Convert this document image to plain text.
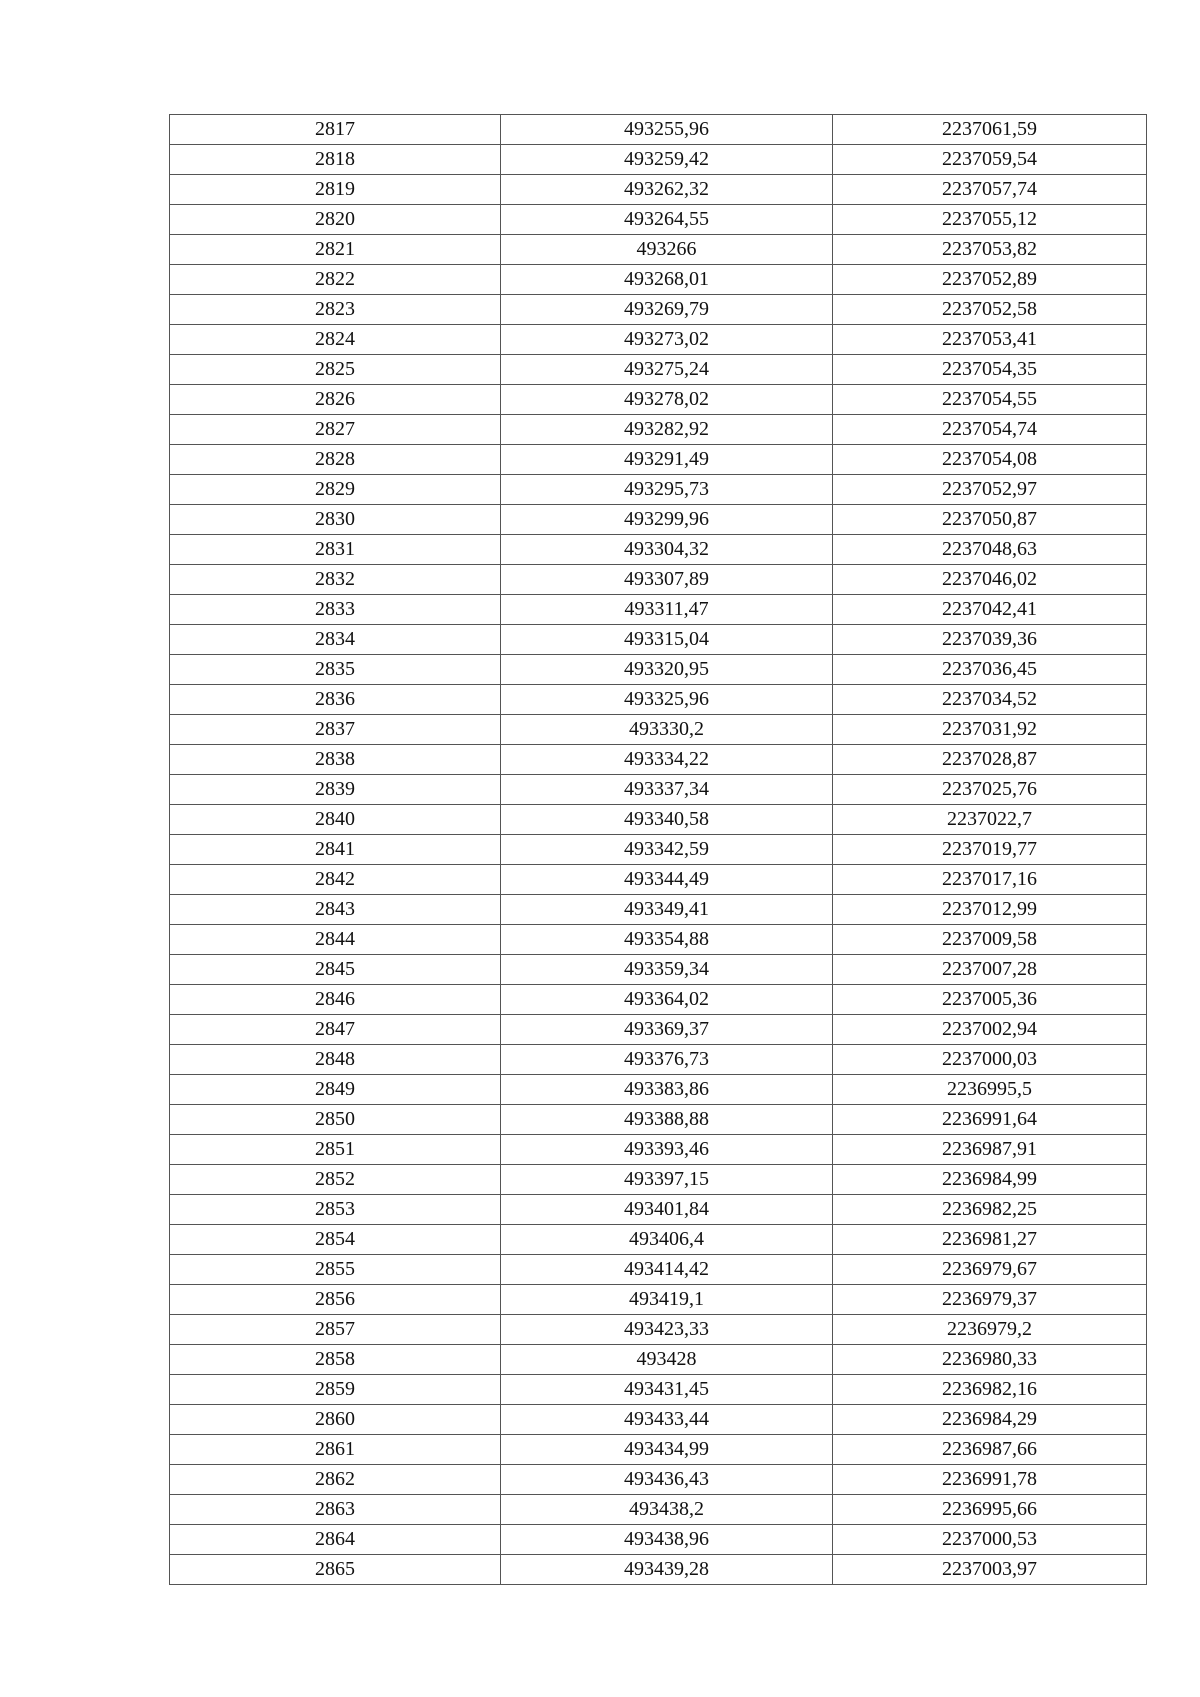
2817	493255,96	2237061,59
2818	493259,42	2237059,54
2819	493262,32	2237057,74
2820	493264,55	2237055,12
2821	493266	2237053,82
2822	493268,01	2237052,89
2823	493269,79	2237052,58
2824	493273,02	2237053,41
2825	493275,24	2237054,35
2826	493278,02	2237054,55
2827	493282,92	2237054,74
2828	493291,49	2237054,08
2829	493295,73	2237052,97
2830	493299,96	2237050,87
2831	493304,32	2237048,63
2832	493307,89	2237046,02
2833	493311,47	2237042,41
2834	493315,04	2237039,36
2835	493320,95	2237036,45
2836	493325,96	2237034,52
2837	493330,2	2237031,92
2838	493334,22	2237028,87
2839	493337,34	2237025,76
2840	493340,58	2237022,7
2841	493342,59	2237019,77
2842	493344,49	2237017,16
2843	493349,41	2237012,99
2844	493354,88	2237009,58
2845	493359,34	2237007,28
2846	493364,02	2237005,36
2847	493369,37	2237002,94
2848	493376,73	2237000,03
2849	493383,86	2236995,5
2850	493388,88	2236991,64
2851	493393,46	2236987,91
2852	493397,15	2236984,99
2853	493401,84	2236982,25
2854	493406,4	2236981,27
2855	493414,42	2236979,67
2856	493419,1	2236979,37
2857	493423,33	2236979,2
2858	493428	2236980,33
2859	493431,45	2236982,16
2860	493433,44	2236984,29
2861	493434,99	2236987,66
2862	493436,43	2236991,78
2863	493438,2	2236995,66
2864	493438,96	2237000,53
2865	493439,28	2237003,97
